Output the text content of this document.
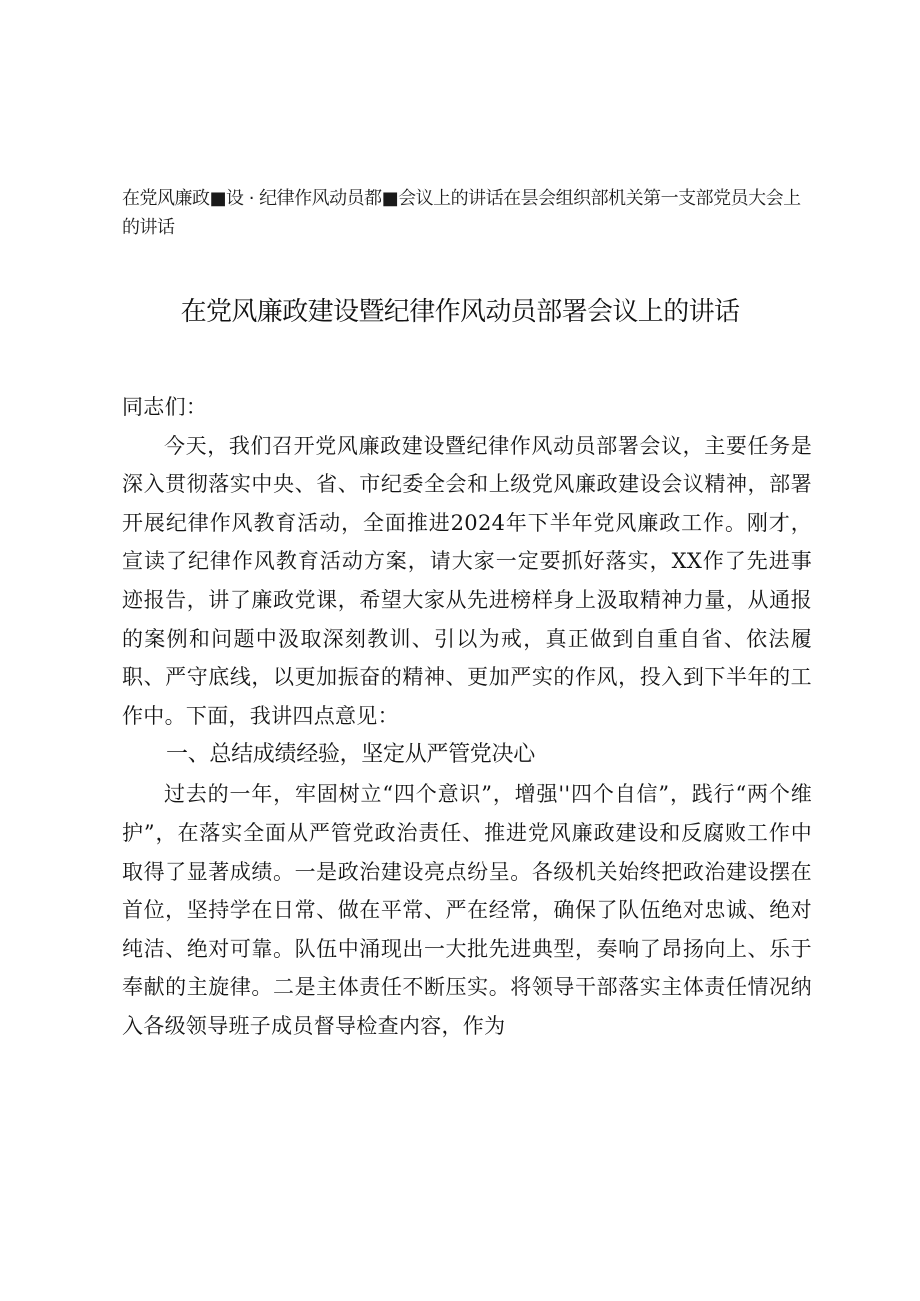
在党风廉政■设 · 纪律作风动员都■会议上的讲话在昙会组织部机关第一支部党员大会上的讲话
在党风廉政建设暨纪律作风动员部署会议上的讲话

同志们：

今天，我们召开党风廉政建设暨纪律作风动员部署会议，主要任务是深入贯彻落实中央、省、市纪委全会和上级党风廉政建设会议精神，部署开展纪律作风教育活动，全面推进2024年下半年党风廉政工作。刚才，宣读了纪律作风教育活动方案，请大家一定要抓好落实，XX作了先进事迹报告，讲了廉政党课，希望大家从先进榜样身上汲取精神力量，从通报的案例和问题中汲取深刻教训、引以为戒，真正做到自重自省、依法履职、严守底线，以更加振奋的精神、更加严实的作风，投入到下半年的工作中。下面，我讲四点意见：

一、总结成绩经验，坚定从严管党决心

过去的一年，牢固树立“四个意识”，增强''四个自信”，践行“两个维护”，在落实全面从严管党政治责任、推进党风廉政建设和反腐败工作中取得了显著成绩。一是政治建设亮点纷呈。各级机关始终把政治建设摆在首位，坚持学在日常、做在平常、严在经常，确保了队伍绝对忠诚、绝对纯洁、绝对可靠。队伍中涌现出一大批先进典型，奏响了昂扬向上、乐于奉献的主旋律。二是主体责任不断压实。将领导干部落实主体责任情况纳入各级领导班子成员督导检查内容，作为
